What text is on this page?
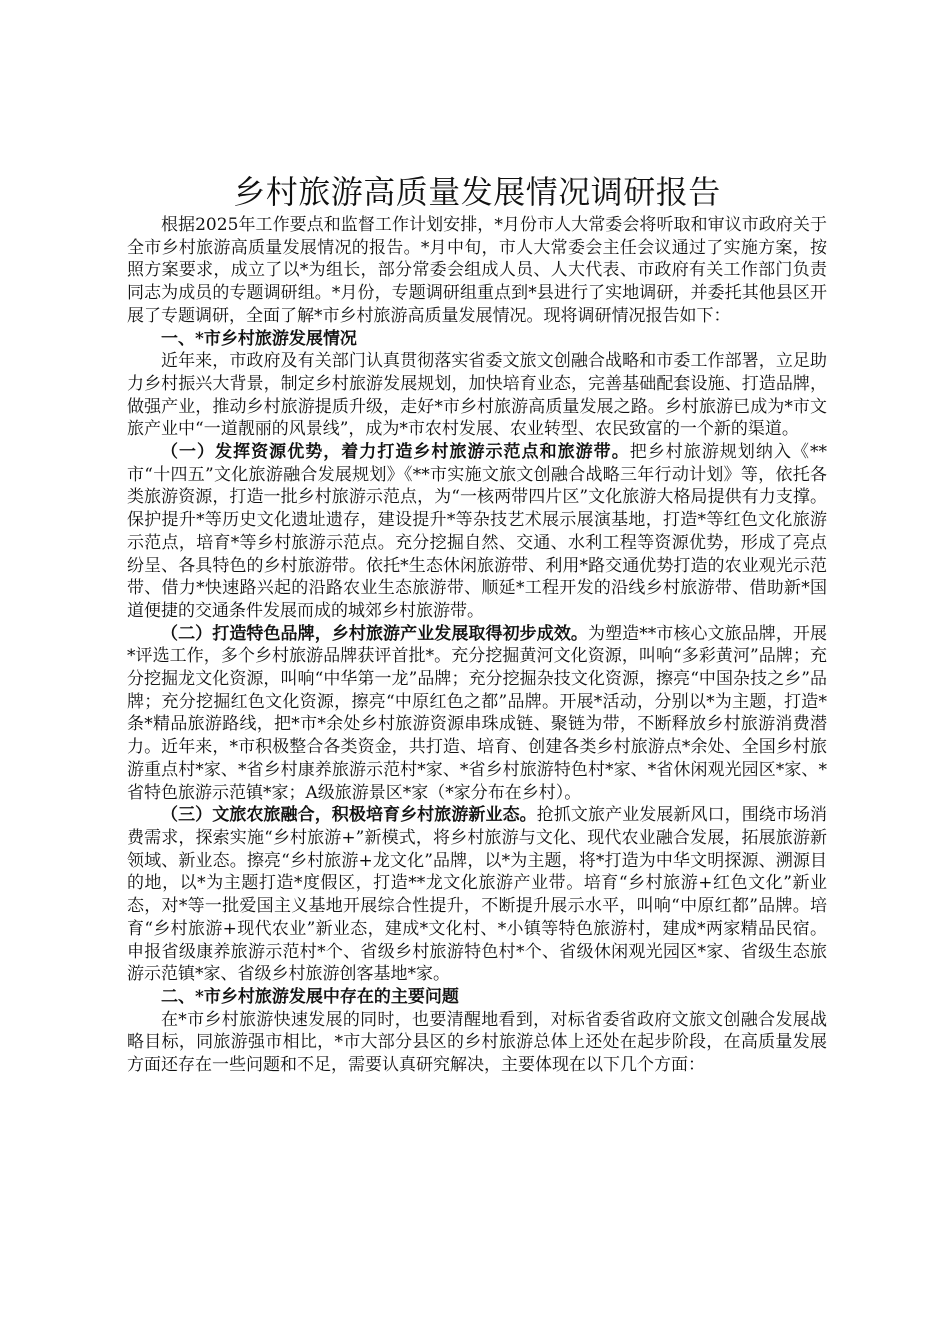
乡村旅游高质量发展情况调研报告

根据2025年工作要点和监督工作计划安排，*月份市人大常委会将听取和审议市政府关于全市乡村旅游高质量发展情况的报告。*月中旬，市人大常委会主任会议通过了实施方案，按照方案要求，成立了以*为组长，部分常委会组成人员、人大代表、市政府有关工作部门负责同志为成员的专题调研组。*月份，专题调研组重点到*县进行了实地调研，并委托其他县区开展了专题调研，全面了解*市乡村旅游高质量发展情况。现将调研情况报告如下：

一、*市乡村旅游发展情况

近年来，市政府及有关部门认真贯彻落实省委文旅文创融合战略和市委工作部署，立足助力乡村振兴大背景，制定乡村旅游发展规划，加快培育业态，完善基础配套设施、打造品牌，做强产业，推动乡村旅游提质升级，走好*市乡村旅游高质量发展之路。乡村旅游已成为*市文旅产业中“一道靓丽的风景线”，成为*市农村发展、农业转型、农民致富的一个新的渠道。

（一）发挥资源优势，着力打造乡村旅游示范点和旅游带。把乡村旅游规划纳入《**市“十四五”文化旅游融合发展规划》《**市实施文旅文创融合战略三年行动计划》等，依托各类旅游资源，打造一批乡村旅游示范点，为“一核两带四片区”文化旅游大格局提供有力支撑。保护提升*等历史文化遗址遗存，建设提升*等杂技艺术展示展演基地，打造*等红色文化旅游示范点，培育*等乡村旅游示范点。充分挖掘自然、交通、水利工程等资源优势，形成了亮点纷呈、各具特色的乡村旅游带。依托*生态休闲旅游带、利用*路交通优势打造的农业观光示范带、借力*快速路兴起的沿路农业生态旅游带、顺延*工程开发的沿线乡村旅游带、借助新*国道便捷的交通条件发展而成的城郊乡村旅游带。

（二）打造特色品牌，乡村旅游产业发展取得初步成效。为塑造**市核心文旅品牌，开展*评选工作，多个乡村旅游品牌获评首批*。充分挖掘黄河文化资源，叫响“多彩黄河”品牌；充分挖掘龙文化资源，叫响“中华第一龙”品牌；充分挖掘杂技文化资源，擦亮“中国杂技之乡”品牌；充分挖掘红色文化资源，擦亮“中原红色之都”品牌。开展*活动，分别以*为主题，打造*条*精品旅游路线，把*市*余处乡村旅游资源串珠成链、聚链为带，不断释放乡村旅游消费潜力。近年来，*市积极整合各类资金，共打造、培育、创建各类乡村旅游点*余处、全国乡村旅游重点村*家、*省乡村康养旅游示范村*家、*省乡村旅游特色村*家、*省休闲观光园区*家、*省特色旅游示范镇*家；A级旅游景区*家（*家分布在乡村）。

（三）文旅农旅融合，积极培育乡村旅游新业态。抢抓文旅产业发展新风口，围绕市场消费需求，探索实施“乡村旅游+”新模式，将乡村旅游与文化、现代农业融合发展，拓展旅游新领域、新业态。擦亮“乡村旅游+龙文化”品牌，以*为主题，将*打造为中华文明探源、溯源目的地，以*为主题打造*度假区，打造**龙文化旅游产业带。培育“乡村旅游+红色文化”新业态，对*等一批爱国主义基地开展综合性提升，不断提升展示水平，叫响“中原红都”品牌。培育“乡村旅游+现代农业”新业态，建成*文化村、*小镇等特色旅游村，建成*两家精品民宿。申报省级康养旅游示范村*个、省级乡村旅游特色村*个、省级休闲观光园区*家、省级生态旅游示范镇*家、省级乡村旅游创客基地*家。

二、*市乡村旅游发展中存在的主要问题

在*市乡村旅游快速发展的同时，也要清醒地看到，对标省委省政府文旅文创融合发展战略目标，同旅游强市相比，*市大部分县区的乡村旅游总体上还处在起步阶段，在高质量发展方面还存在一些问题和不足，需要认真研究解决，主要体现在以下几个方面：
